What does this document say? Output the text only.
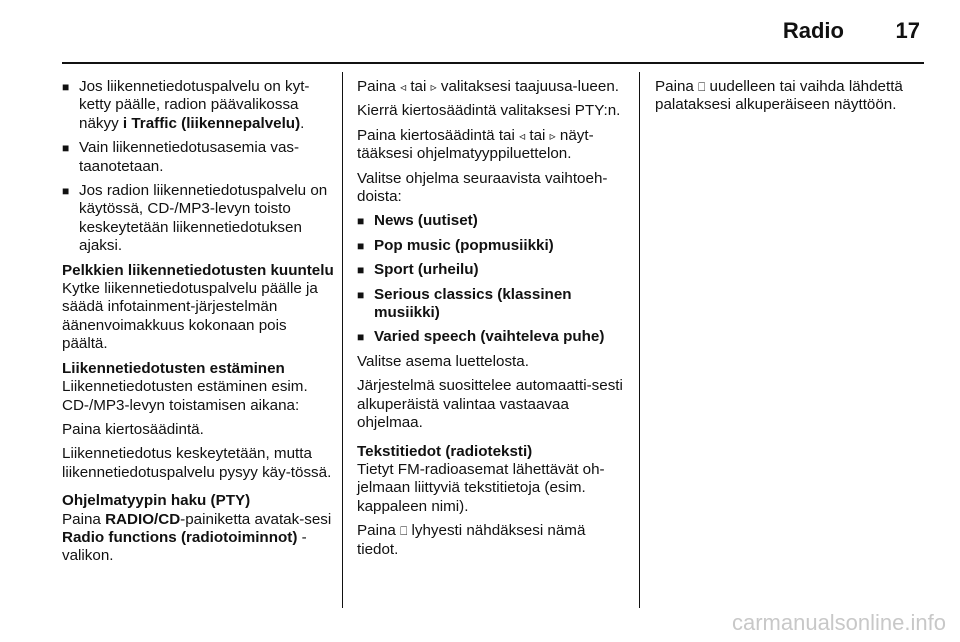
Radio 17
■ Jos liikennetiedotuspalvelu on kyt-ketty päälle, radion päävalikossa näkyy i Traffic (liikennepalvelu).
■ Vain liikennetiedotusasemia vas-taanotetaan.
■ Jos radion liikennetiedotuspalvelu on käytössä, CD-/MP3-levyn toisto keskeytetään liikennetiedotuksen ajaksi.
Pelkkien liikennetiedotusten kuuntelu

Kytke liikennetiedotuspalvelu päälle ja säädä infotainment-järjestelmän äänenvoimakkuus kokonaan pois päältä.

Liikennetiedotusten estäminen

Liikennetiedotusten estäminen esim. CD-/MP3-levyn toistamisen aikana:

Paina kiertosäädintä.

Liikennetiedotus keskeytetään, mutta liikennetiedotuspalvelu pysyy käy-tössä.

Ohjelmatyypin haku (PTY)

Paina RADIO/CD-painiketta avatak-sesi Radio functions (radiotoiminnot) -valikon.

Paina ◃ tai ▹ valitaksesi taajuusa-lueen.

Kierrä kiertosäädintä valitaksesi PTY:n.

Paina kiertosäädintä tai ◃ tai ▹ näyt-tääksesi ohjelmatyyppiluettelon.

Valitse ohjelma seuraavista vaihtoeh-doista:

■ News (uutiset)
■ Pop music (popmusiikki)
■ Sport (urheilu)
■ Serious classics (klassinen musiikki)
■ Varied speech (vaihteleva puhe)

Valitse asema luettelosta.

Järjestelmä suosittelee automaatti-sesti alkuperäistä valintaa vastaavaa ohjelmaa.

Tekstitiedot (radioteksti)

Tietyt FM-radioasemat lähettävät oh-jelmaan liittyviä tekstitietoja (esim. kappaleen nimi).

Paina ⎕ lyhyesti nähdäksesi nämä tiedot.

Paina ⎕ uudelleen tai vaihda lähdettä palataksesi alkuperäiseen näyttöön.

carmanualsonline.info
